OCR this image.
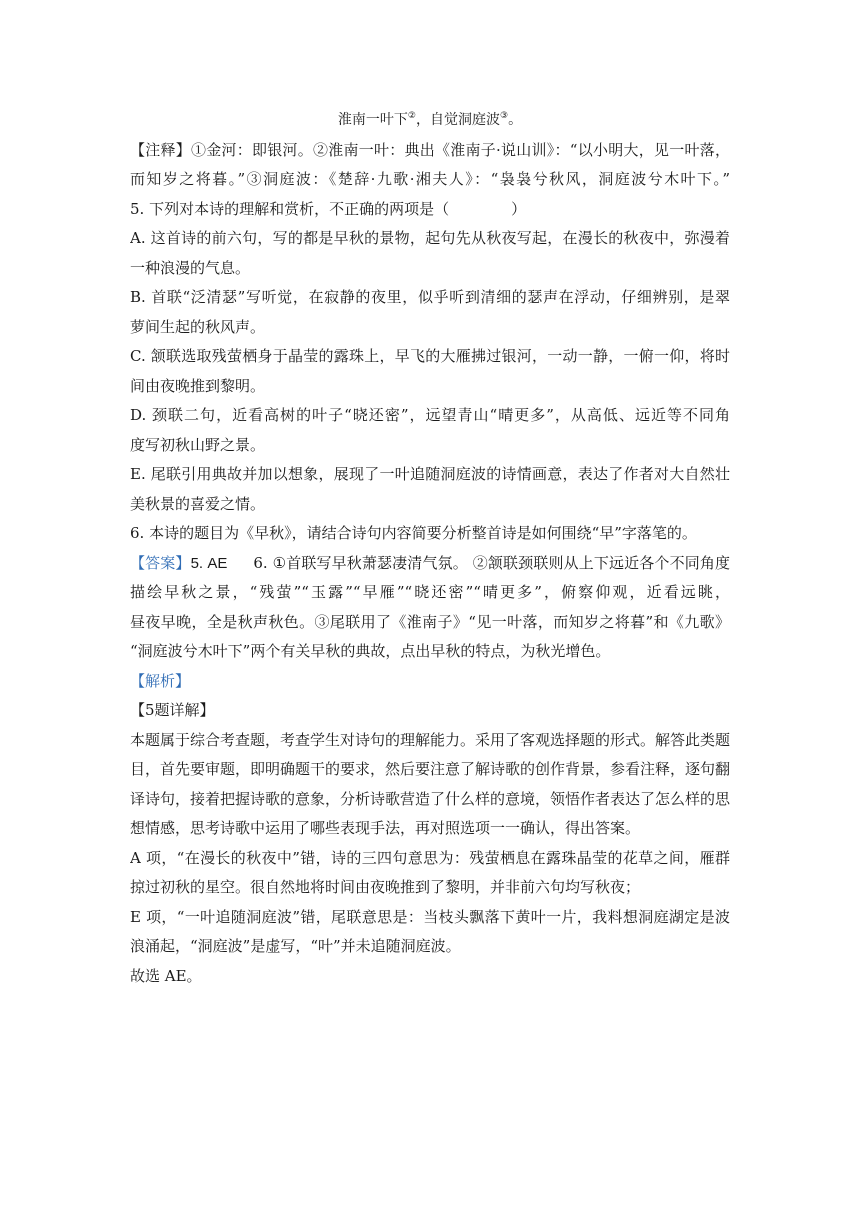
淮南一叶下②，自觉洞庭波③。
【注释】①金河：即银河。②淮南一叶：典出《淮南子·说山训》：“以小明大，见一叶落，
而知岁之将暮。”③洞庭波：《楚辞·九歌·湘夫人》：“袅袅兮秋风，洞庭波兮木叶下。”
5. 下列对本诗的理解和赏析，不正确的两项是（	）
A. 这首诗的前六句，写的都是早秋的景物，起句先从秋夜写起，在漫长的秋夜中，弥漫着
一种浪漫的气息。
B. 首联“泛清瑟”写听觉，在寂静的夜里，似乎听到清细的瑟声在浮动，仔细辨别，是翠
萝间生起的秋风声。
C. 颔联选取残萤栖身于晶莹的露珠上，早飞的大雁拂过银河，一动一静，一俯一仰，将时
间由夜晚推到黎明。
D. 颈联二句，近看高树的叶子“晓还密”，远望青山“晴更多”，从高低、远近等不同角
度写初秋山野之景。
E. 尾联引用典故并加以想象，展现了一叶追随洞庭波的诗情画意，表达了作者对大自然壮
美秋景的喜爱之情。
6. 本诗的题目为《早秋》，请结合诗句内容简要分析整首诗是如何围绕“早”字落笔的。
【答案】5. AE 6. ①首联写早秋萧瑟凄清气氛。 ②颔联颈联则从上下远近各个不同角度
描绘早秋之景，“残萤”“玉露”“早雁”“晓还密”“晴更多”，俯察仰观，近看远眺，
昼夜早晚，全是秋声秋色。③尾联用了《淮南子》“见一叶落，而知岁之将暮”和《九歌》
“洞庭波兮木叶下”两个有关早秋的典故，点出早秋的特点，为秋光增色。
【解析】
【5题详解】
本题属于综合考查题，考查学生对诗句的理解能力。采用了客观选择题的形式。解答此类题
目，首先要审题，即明确题干的要求，然后要注意了解诗歌的创作背景，参看注释，逐句翻
译诗句，接着把握诗歌的意象，分析诗歌营造了什么样的意境，领悟作者表达了怎么样的思
想情感，思考诗歌中运用了哪些表现手法，再对照选项一一确认，得出答案。
A 项，“在漫长的秋夜中”错，诗的三四句意思为：残萤栖息在露珠晶莹的花草之间，雁群
掠过初秋的星空。很自然地将时间由夜晚推到了黎明，并非前六句均写秋夜；
E 项，“一叶追随洞庭波”错，尾联意思是：当枝头飘落下黄叶一片，我料想洞庭湖定是波
浪涌起，“洞庭波”是虚写，“叶”并未追随洞庭波。
故选 AE。
